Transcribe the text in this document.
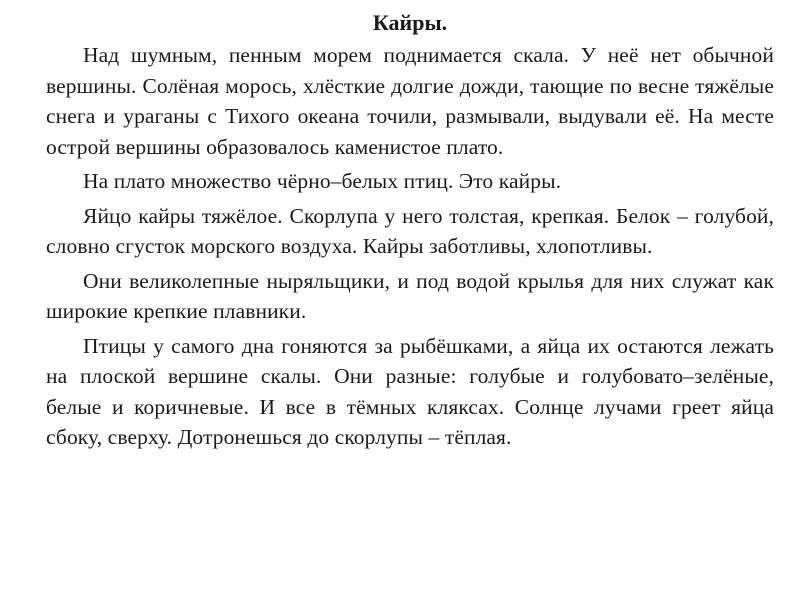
Кайры.

Над шумным, пенным морем поднимается скала. У неё нет обычной вершины. Солёная морось, хлёсткие долгие дожди, тающие по весне тяжёлые снега и ураганы с Тихого океана точили, размывали, выдували её. На месте острой вершины образовалось каменистое плато.

На плато множество чёрно–белых птиц. Это кайры.

Яйцо кайры тяжёлое. Скорлупа у него толстая, крепкая. Белок – голубой, словно сгусток морского воздуха. Кайры заботливы, хлопотливы.

Они великолепные ныряльщики, и под водой крылья для них служат как широкие крепкие плавники.

Птицы у самого дна гоняются за рыбёшками, а яйца их остаются лежать на плоской вершине скалы. Они разные: голубые и голубовато–зелёные, белые и коричневые. И все в тёмных кляксах. Солнце лучами греет яйца сбоку, сверху. Дотронешься до скорлупы – тёплая.
